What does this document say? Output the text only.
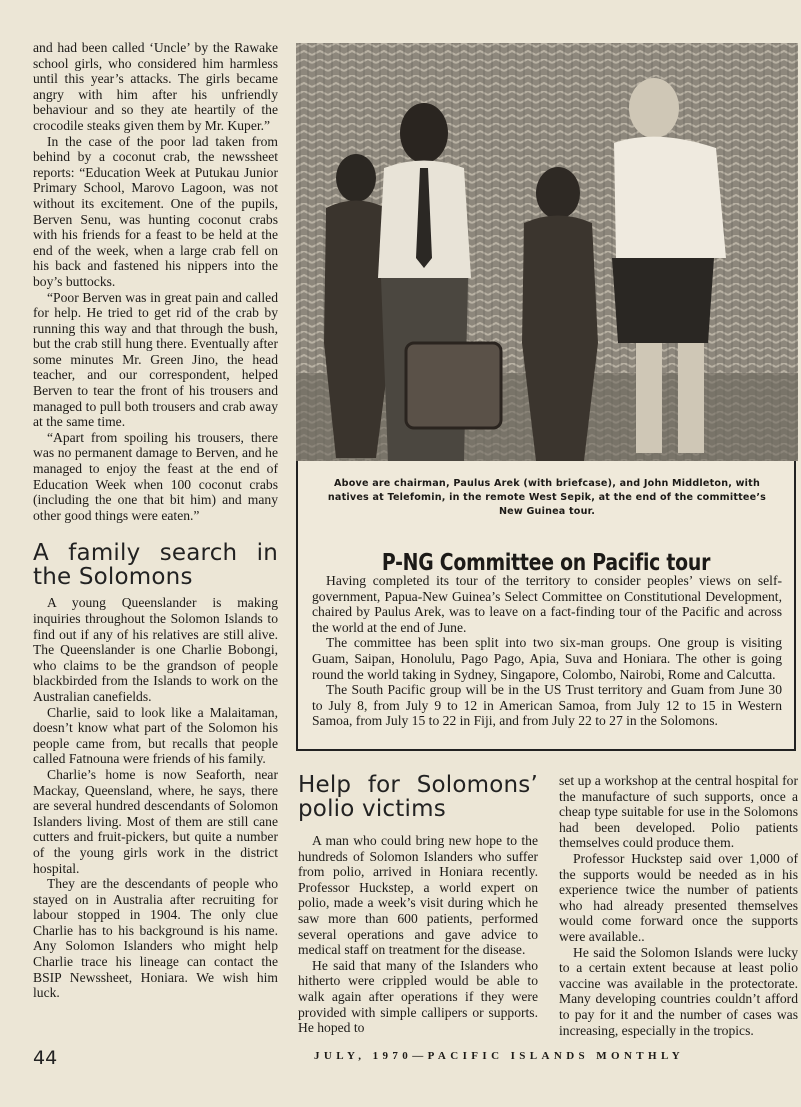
and had been called ‘Uncle’ by the Rawake school girls, who considered him harmless until this year’s attacks. The girls became angry with him after his unfriendly behaviour and so they ate heartily of the crocodile steaks given them by Mr. Kuper.”

In the case of the poor lad taken from behind by a coconut crab, the newssheet reports: “Education Week at Putukau Junior Primary School, Marovo Lagoon, was not without its excitement. One of the pupils, Berven Senu, was hunting coconut crabs with his friends for a feast to be held at the end of the week, when a large crab fell on his back and fastened his nippers into the boy’s buttocks.

“Poor Berven was in great pain and called for help. He tried to get rid of the crab by running this way and that through the bush, but the crab still hung there. Eventually after some minutes Mr. Green Jino, the head teacher, and our correspondent, helped Berven to tear the front of his trousers and managed to pull both trousers and crab away at the same time.

“Apart from spoiling his trousers, there was no permanent damage to Berven, and he managed to enjoy the feast at the end of Education Week when 100 coconut crabs (including the one that bit him) and many other good things were eaten.”

A family search in the Solomons

A young Queenslander is making inquiries throughout the Solomon Islands to find out if any of his relatives are still alive. The Queenslander is one Charlie Bobongi, who claims to be the grandson of people blackbirded from the Islands to work on the Australian canefields.

Charlie, said to look like a Malaitaman, doesn’t know what part of the Solomon his people came from, but recalls that people called Fatnouna were friends of his family.

Charlie’s home is now Seaforth, near Mackay, Queensland, where, he says, there are several hundred descendants of Solomon Islanders living. Most of them are still cane cutters and fruit-pickers, but quite a number of the young girls work in the district hospital.

They are the descendants of people who stayed on in Australia after recruiting for labour stopped in 1904. The only clue Charlie has to his background is his name. Any Solomon Islanders who might help Charlie trace his lineage can contact the BSIP Newssheet, Honiara. We wish him luck.

Above are chairman, Paulus Arek (with briefcase), and John Middleton, with natives at Telefomin, in the remote West Sepik, at the end of the committee’s New Guinea tour.
P-NG Committee on Pacific tour

Having completed its tour of the territory to consider peoples’ views on self-government, Papua-New Guinea’s Select Committee on Constitutional Development, chaired by Paulus Arek, was to leave on a fact-finding tour of the Pacific and across the world at the end of June.

The committee has been split into two six-man groups. One group is visiting Guam, Saipan, Honolulu, Pago Pago, Apia, Suva and Honiara. The other is going round the world taking in Sydney, Singapore, Colombo, Nairobi, Rome and Calcutta.

The South Pacific group will be in the US Trust territory and Guam from June 30 to July 8, from July 9 to 12 in American Samoa, from July 12 to 15 in Western Samoa, from July 15 to 22 in Fiji, and from July 22 to 27 in the Solomons.

Help for Solomons’ polio victims

A man who could bring new hope to the hundreds of Solomon Islanders who suffer from polio, arrived in Honiara recently. Professor Huckstep, a world expert on polio, made a week’s visit during which he saw more than 600 patients, performed several operations and gave advice to medical staff on treatment for the disease.

He said that many of the Islanders who hitherto were crippled would be able to walk again after operations if they were provided with simple callipers or supports. He hoped to

set up a workshop at the central hospital for the manufacture of such supports, once a cheap type suitable for use in the Solomons had been developed. Polio patients themselves could produce them.

Professor Huckstep said over 1,000 of the supports would be needed as in his experience twice the number of patients who had already presented themselves would come forward once the supports were available..

He said the Solomon Islands were lucky to a certain extent because at least polio vaccine was available in the protectorate. Many developing countries couldn’t afford to pay for it and the number of cases was increasing, especially in the tropics.

44	JULY, 1970—PACIFIC ISLANDS MONTHLY
